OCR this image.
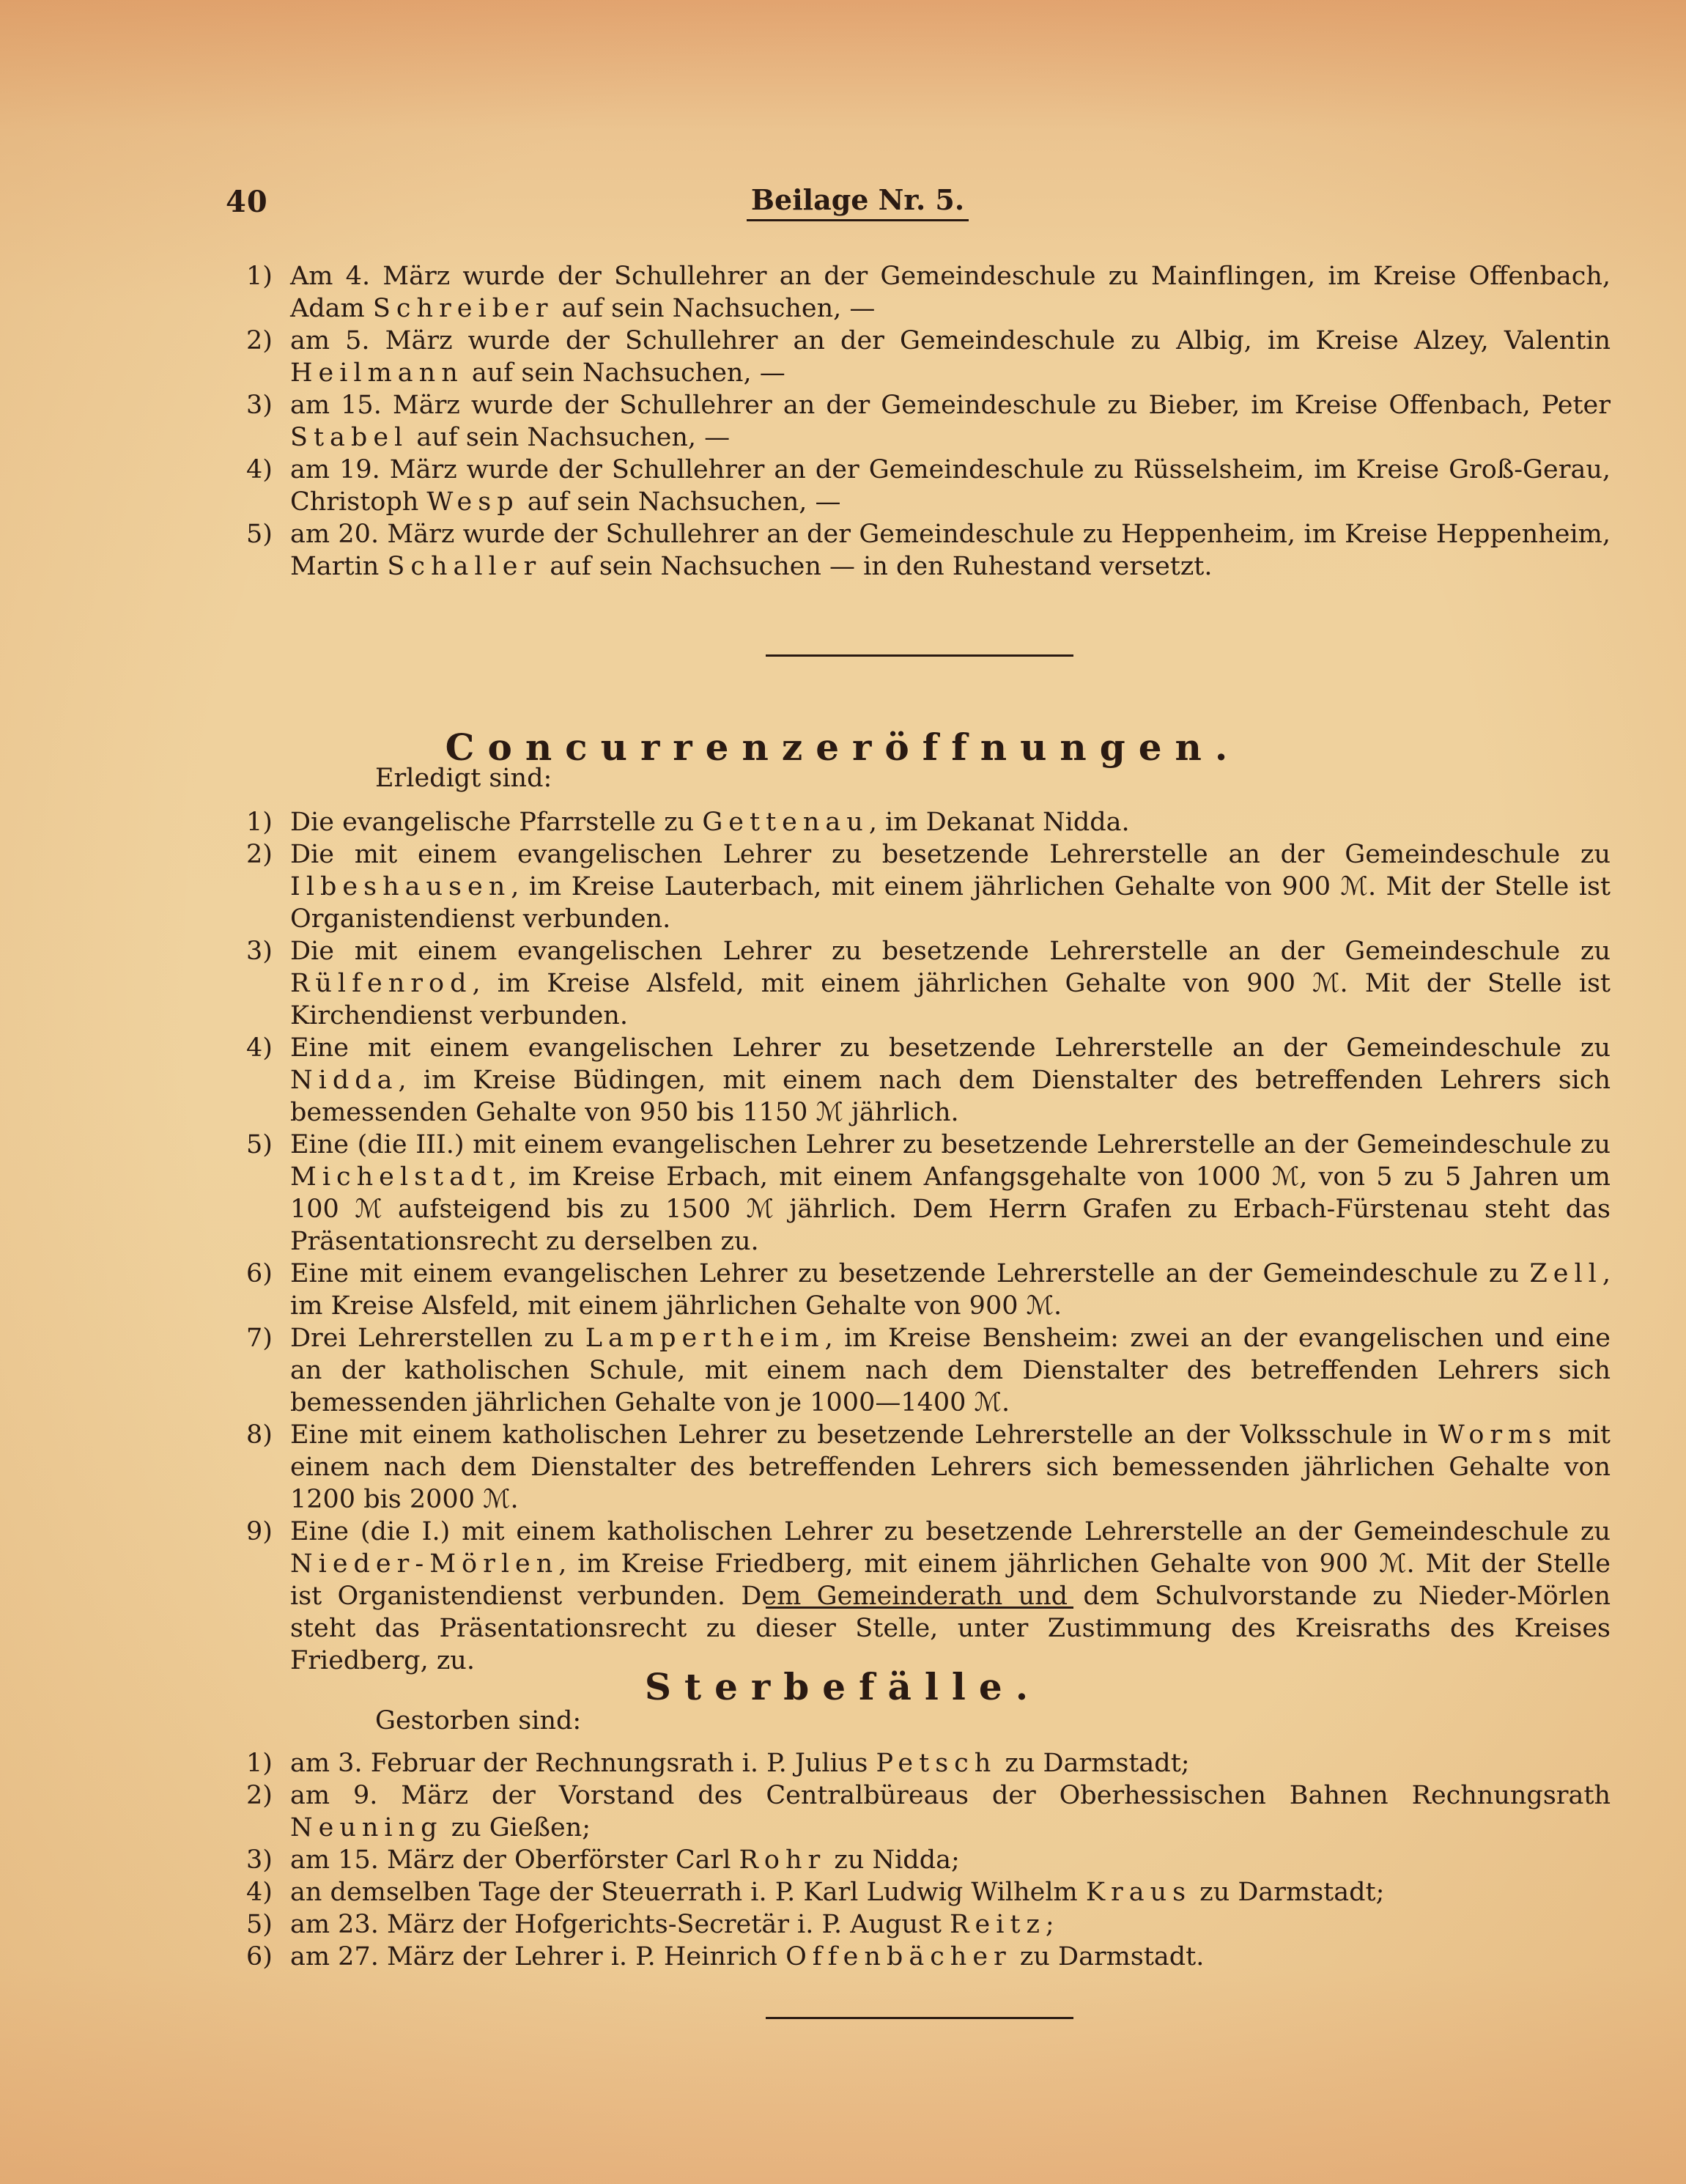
40	Beilage Nr. 5.
1) Am 4. März wurde der Schullehrer an der Gemeindeschule zu Mainflingen, im Kreise Offenbach, Adam Schreiber auf sein Nachsuchen, —
2) am 5. März wurde der Schullehrer an der Gemeindeschule zu Albig, im Kreise Alzey, Valentin Heilmann auf sein Nachsuchen, —
3) am 15. März wurde der Schullehrer an der Gemeindeschule zu Bieber, im Kreise Offenbach, Peter Stabel auf sein Nachsuchen, —
4) am 19. März wurde der Schullehrer an der Gemeindeschule zu Rüsselsheim, im Kreise Groß-Gerau, Christoph Wesp auf sein Nachsuchen, —
5) am 20. März wurde der Schullehrer an der Gemeindeschule zu Heppenheim, im Kreise Heppenheim, Martin Schaller auf sein Nachsuchen — in den Ruhestand versetzt.
Concurrenzeröffnungen.
Erledigt sind:
1) Die evangelische Pfarrstelle zu Gettenau, im Dekanat Nidda.
2) Die mit einem evangelischen Lehrer zu besetzende Lehrerstelle an der Gemeindeschule zu Ilbeshausen, im Kreise Lauterbach, mit einem jährlichen Gehalte von 900 ℳ. Mit der Stelle ist Organistendienst verbunden.
3) Die mit einem evangelischen Lehrer zu besetzende Lehrerstelle an der Gemeindeschule zu Rülfenrod, im Kreise Alsfeld, mit einem jährlichen Gehalte von 900 ℳ. Mit der Stelle ist Kirchendienst verbunden.
4) Eine mit einem evangelischen Lehrer zu besetzende Lehrerstelle an der Gemeindeschule zu Nidda, im Kreise Büdingen, mit einem nach dem Dienstalter des betreffenden Lehrers sich bemessenden Gehalte von 950 bis 1150 ℳ jährlich.
5) Eine (die III.) mit einem evangelischen Lehrer zu besetzende Lehrerstelle an der Gemeindeschule zu Michelstadt, im Kreise Erbach, mit einem Anfangsgehalte von 1000 ℳ, von 5 zu 5 Jahren um 100 ℳ aufsteigend bis zu 1500 ℳ jährlich. Dem Herrn Grafen zu Erbach-Fürstenau steht das Präsentationsrecht zu derselben zu.
6) Eine mit einem evangelischen Lehrer zu besetzende Lehrerstelle an der Gemeindeschule zu Zell, im Kreise Alsfeld, mit einem jährlichen Gehalte von 900 ℳ.
7) Drei Lehrerstellen zu Lampertheim, im Kreise Bensheim: zwei an der evangelischen und eine an der katholischen Schule, mit einem nach dem Dienstalter des betreffenden Lehrers sich bemessenden jährlichen Gehalte von je 1000—1400 ℳ.
8) Eine mit einem katholischen Lehrer zu besetzende Lehrerstelle an der Volksschule in Worms mit einem nach dem Dienstalter des betreffenden Lehrers sich bemessenden jährlichen Gehalte von 1200 bis 2000 ℳ.
9) Eine (die I.) mit einem katholischen Lehrer zu besetzende Lehrerstelle an der Gemeindeschule zu Nieder-Mörlen, im Kreise Friedberg, mit einem jährlichen Gehalte von 900 ℳ. Mit der Stelle ist Organistendienst verbunden. Dem Gemeinderath und dem Schulvorstande zu Nieder-Mörlen steht das Präsentationsrecht zu dieser Stelle, unter Zustimmung des Kreisraths des Kreises Friedberg, zu.
Sterbefälle.
Gestorben sind:
1) am 3. Februar der Rechnungsrath i. P. Julius Petsch zu Darmstadt;
2) am 9. März der Vorstand des Centralbüreaus der Oberhessischen Bahnen Rechnungsrath Neuning zu Gießen;
3) am 15. März der Oberförster Carl Rohr zu Nidda;
4) an demselben Tage der Steuerrath i. P. Karl Ludwig Wilhelm Kraus zu Darmstadt;
5) am 23. März der Hofgerichts-Secretär i. P. August Reitz;
6) am 27. März der Lehrer i. P. Heinrich Offenbächer zu Darmstadt.
